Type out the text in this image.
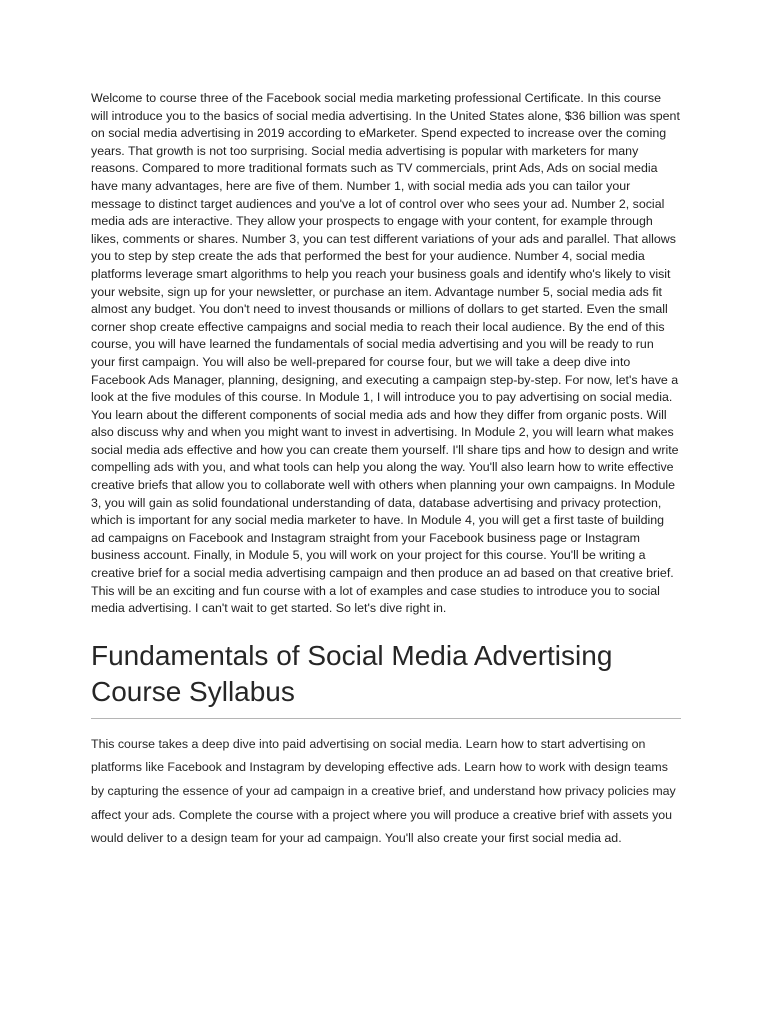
Welcome to course three of the Facebook social media marketing professional Certificate. In this course will introduce you to the basics of social media advertising. In the United States alone, $36 billion was spent on social media advertising in 2019 according to eMarketer. Spend expected to increase over the coming years. That growth is not too surprising. Social media advertising is popular with marketers for many reasons. Compared to more traditional formats such as TV commercials, print Ads, Ads on social media have many advantages, here are five of them. Number 1, with social media ads you can tailor your message to distinct target audiences and you've a lot of control over who sees your ad. Number 2, social media ads are interactive. They allow your prospects to engage with your content, for example through likes, comments or shares. Number 3, you can test different variations of your ads and parallel. That allows you to step by step create the ads that performed the best for your audience. Number 4, social media platforms leverage smart algorithms to help you reach your business goals and identify who's likely to visit your website, sign up for your newsletter, or purchase an item. Advantage number 5, social media ads fit almost any budget. You don't need to invest thousands or millions of dollars to get started. Even the small corner shop create effective campaigns and social media to reach their local audience. By the end of this course, you will have learned the fundamentals of social media advertising and you will be ready to run your first campaign. You will also be well-prepared for course four, but we will take a deep dive into Facebook Ads Manager, planning, designing, and executing a campaign step-by-step. For now, let's have a look at the five modules of this course. In Module 1, I will introduce you to pay advertising on social media. You learn about the different components of social media ads and how they differ from organic posts. Will also discuss why and when you might want to invest in advertising. In Module 2, you will learn what makes social media ads effective and how you can create them yourself. I'll share tips and how to design and write compelling ads with you, and what tools can help you along the way. You'll also learn how to write effective creative briefs that allow you to collaborate well with others when planning your own campaigns. In Module 3, you will gain as solid foundational understanding of data, database advertising and privacy protection, which is important for any social media marketer to have. In Module 4, you will get a first taste of building ad campaigns on Facebook and Instagram straight from your Facebook business page or Instagram business account. Finally, in Module 5, you will work on your project for this course. You'll be writing a creative brief for a social media advertising campaign and then produce an ad based on that creative brief. This will be an exciting and fun course with a lot of examples and case studies to introduce you to social media advertising. I can't wait to get started. So let's dive right in.

Fundamentals of Social Media Advertising Course Syllabus

This course takes a deep dive into paid advertising on social media. Learn how to start advertising on platforms like Facebook and Instagram by developing effective ads. Learn how to work with design teams by capturing the essence of your ad campaign in a creative brief, and understand how privacy policies may affect your ads. Complete the course with a project where you will produce a creative brief with assets you would deliver to a design team for your ad campaign. You'll also create your first social media ad.
